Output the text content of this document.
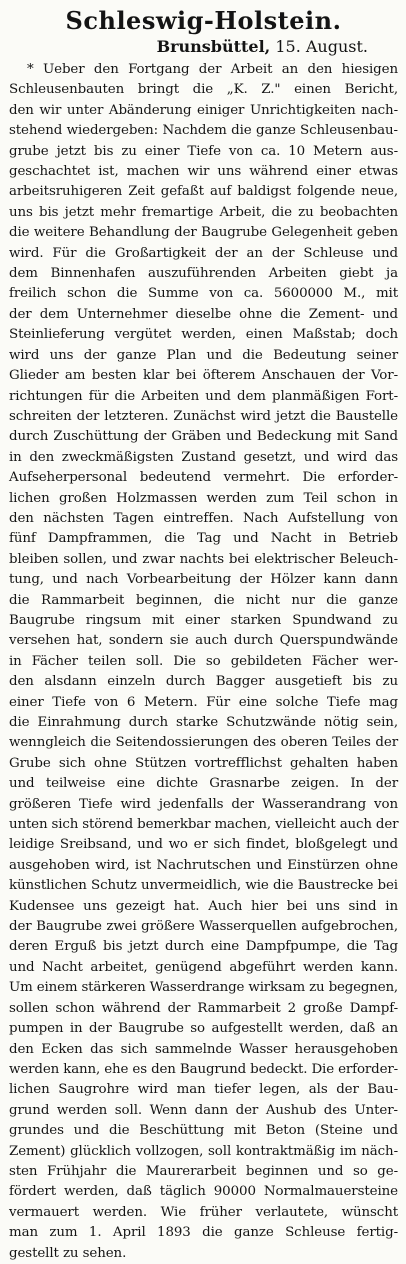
Schleswig-Holstein.

Brunsbüttel, 15. August.

* Ueber den Fortgang der Arbeit an den hiesigen
Schleusenbauten bringt die „K. Z." einen Bericht,
den wir unter Abänderung einiger Unrichtigkeiten nach-
stehend wiedergeben: Nachdem die ganze Schleusenbau-
grube jetzt bis zu einer Tiefe von ca. 10 Metern aus-
geschachtet ist, machen wir uns während einer etwas
arbeitsruhigeren Zeit gefaßt auf baldigst folgende neue,
uns bis jetzt mehr fremartige Arbeit, die zu beobachten
die weitere Behandlung der Baugrube Gelegenheit geben
wird. Für die Großartigkeit der an der Schleuse und
dem Binnenhafen auszuführenden Arbeiten giebt ja
freilich schon die Summe von ca. 5600000 M., mit
der dem Unternehmer dieselbe ohne die Zement- und
Steinlieferung vergütet werden, einen Maßstab; doch
wird uns der ganze Plan und die Bedeutung seiner
Glieder am besten klar bei öfterem Anschauen der Vor-
richtungen für die Arbeiten und dem planmäßigen Fort-
schreiten der letzteren. Zunächst wird jetzt die Baustelle
durch Zuschüttung der Gräben und Bedeckung mit Sand
in den zweckmäßigsten Zustand gesetzt, und wird das
Aufseherpersonal bedeutend vermehrt. Die erforder-
lichen großen Holzmassen werden zum Teil schon in
den nächsten Tagen eintreffen. Nach Aufstellung von
fünf Dampframmen, die Tag und Nacht in Betrieb
bleiben sollen, und zwar nachts bei elektrischer Beleuch-
tung, und nach Vorbearbeitung der Hölzer kann dann
die Rammarbeit beginnen, die nicht nur die ganze
Baugrube ringsum mit einer starken Spundwand zu
versehen hat, sondern sie auch durch Querspundwände
in Fächer teilen soll. Die so gebildeten Fächer wer-
den alsdann einzeln durch Bagger ausgetieft bis zu
einer Tiefe von 6 Metern. Für eine solche Tiefe mag
die Einrahmung durch starke Schutzwände nötig sein,
wennglеich die Seitendossierungen des oberen Teiles der
Grube sich ohne Stützen vortrefflichst gehalten haben
und teilweise eine dichte Grasnarbe zeigen. In der
größeren Tiefe wird jedenfalls der Wasserandrang von
unten sich störend bemerkbar machen, vielleicht auch der
leidige Sreibsand, und wo er sich findet, bloßgelegt und
ausgehoben wird, ist Nachrutschen und Einstürzen ohne
künstlichen Schutz unvermeidlich, wie die Baustrecke bei
Kudensee uns gezeigt hat. Auch hier bei uns sind in
der Baugrube zwei größere Wasserquellen aufgebrochen,
deren Erguß bis jetzt durch eine Dampfpumpe, die Tag
und Nacht arbeitet, genügend abgeführt werden kann.
Um einem stärkeren Wasserdrange wirksam zu begegnen,
sollen schon während der Rammarbeit 2 große Dampf-
pumpen in der Baugrube so aufgestellt werden, daß an
den Ecken das sich sammelnde Wasser herausgehoben
werden kann, ehe es den Baugrund bedeckt. Die erforder-
lichen Saugrohre wird man tiefer legen, als der Bau-
grund werden soll. Wenn dann der Aushub des Unter-
grundes und die Beschüttung mit Beton (Steine und
Zement) glücklich vollzogen, soll kontraktmäßig im näch-
sten Frühjahr die Maurerarbeit beginnen und so ge-
fördert werden, daß täglich 90000 Normalmauersteine
vermauert werden. Wie früher verlautete, wünscht
man zum 1. April 1893 die ganze Schleuse fertig-
gestellt zu sehen.
